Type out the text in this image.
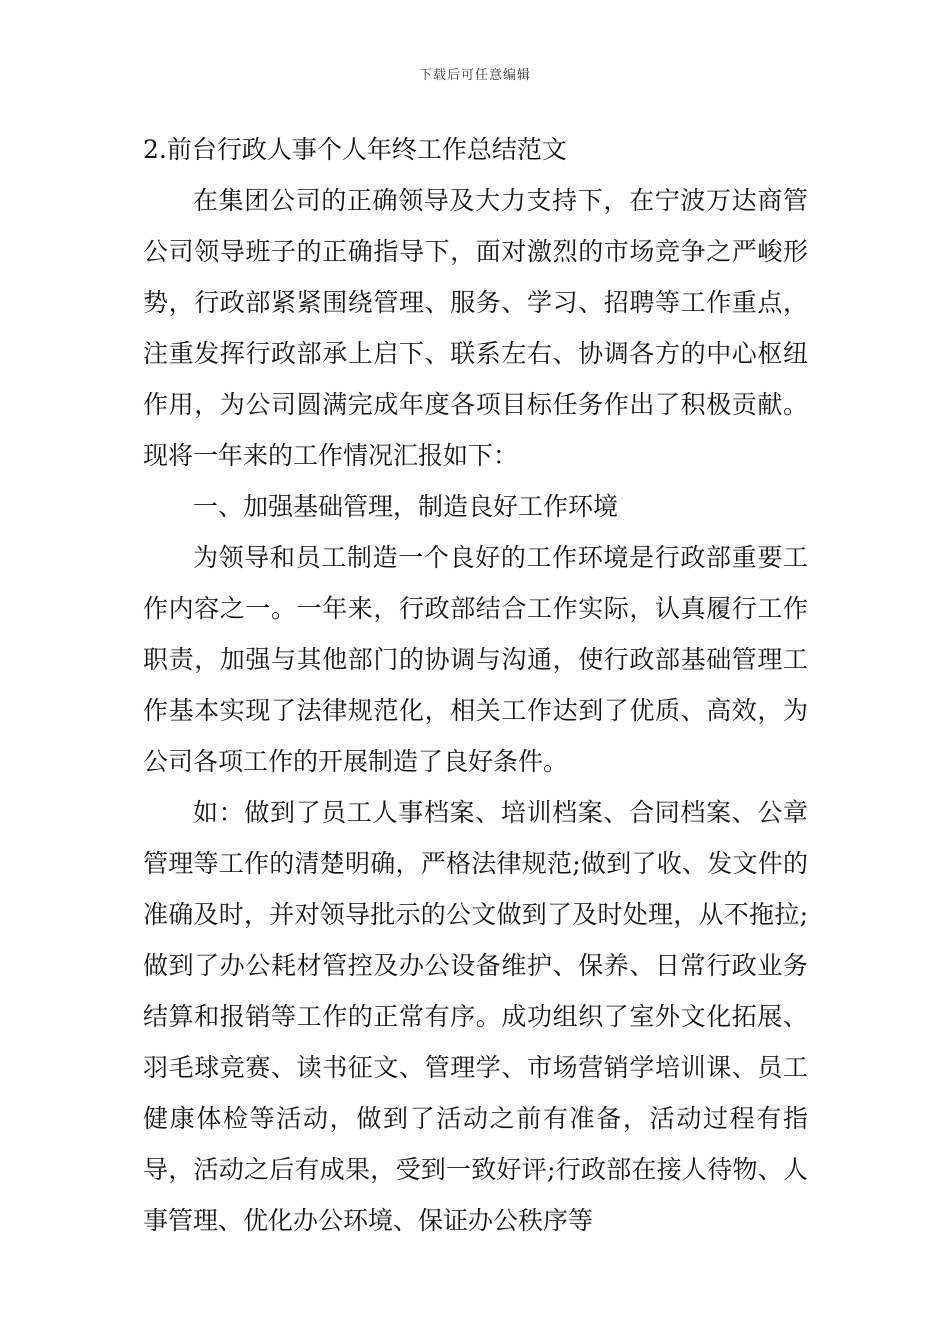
下载后可任意编辑
2.前台行政人事个人年终工作总结范文

在集团公司的正确领导及大力支持下，在宁波万达商管公司领导班子的正确指导下，面对激烈的市场竞争之严峻形势，行政部紧紧围绕管理、服务、学习、招聘等工作重点，注重发挥行政部承上启下、联系左右、协调各方的中心枢纽作用，为公司圆满完成年度各项目标任务作出了积极贡献。现将一年来的工作情况汇报如下：

一、加强基础管理，制造良好工作环境

为领导和员工制造一个良好的工作环境是行政部重要工作内容之一。一年来，行政部结合工作实际，认真履行工作职责，加强与其他部门的协调与沟通，使行政部基础管理工作基本实现了法律规范化，相关工作达到了优质、高效，为公司各项工作的开展制造了良好条件。

如：做到了员工人事档案、培训档案、合同档案、公章管理等工作的清楚明确，严格法律规范;做到了收、发文件的准确及时，并对领导批示的公文做到了及时处理，从不拖拉;做到了办公耗材管控及办公设备维护、保养、日常行政业务结算和报销等工作的正常有序。成功组织了室外文化拓展、羽毛球竞赛、读书征文、管理学、市场营销学培训课、员工健康体检等活动，做到了活动之前有准备，活动过程有指导，活动之后有成果，受到一致好评;行政部在接人待物、人事管理、优化办公环境、保证办公秩序等
